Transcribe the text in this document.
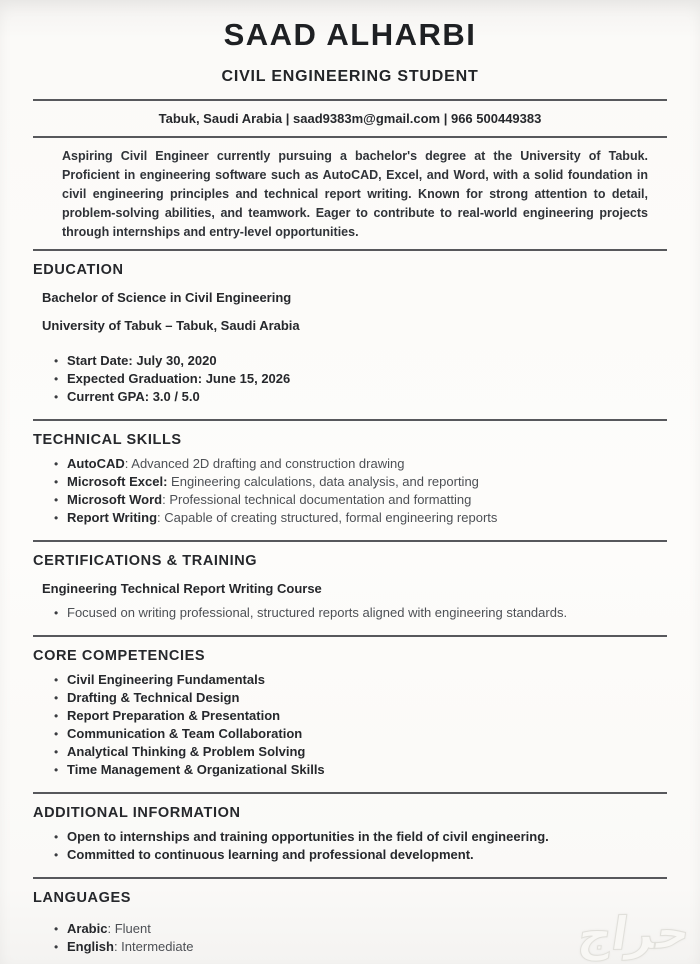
SAAD ALHARBI
CIVIL ENGINEERING STUDENT
Tabuk, Saudi Arabia | saad9383m@gmail.com | 966 500449383

Aspiring Civil Engineer currently pursuing a bachelor's degree at the University of Tabuk. Proficient in engineering software such as AutoCAD, Excel, and Word, with a solid foundation in civil engineering principles and technical report writing. Known for strong attention to detail, problem-solving abilities, and teamwork. Eager to contribute to real-world engineering projects through internships and entry-level opportunities.

EDUCATION
Bachelor of Science in Civil Engineering
University of Tabuk – Tabuk, Saudi Arabia
• Start Date: July 30, 2020
• Expected Graduation: June 15, 2026
• Current GPA: 3.0 / 5.0
TECHNICAL SKILLS
• AutoCAD : Advanced 2D drafting and construction drawing
• Microsoft Excel: Engineering calculations, data analysis, and reporting
• Microsoft Word : Professional technical documentation and formatting
• Report Writing : Capable of creating structured, formal engineering reports
CERTIFICATIONS & TRAINING
Engineering Technical Report Writing Course
• Focused on writing professional, structured reports aligned with engineering standards.
CORE COMPETENCIES
• Civil Engineering Fundamentals
• Drafting & Technical Design
• Report Preparation & Presentation
• Communication & Team Collaboration
• Analytical Thinking & Problem Solving
• Time Management & Organizational Skills
ADDITIONAL INFORMATION
• Open to internships and training opportunities in the field of civil engineering.
• Committed to continuous learning and professional development.
LANGUAGES
• Arabic : Fluent
• English : Intermediate	حراج
